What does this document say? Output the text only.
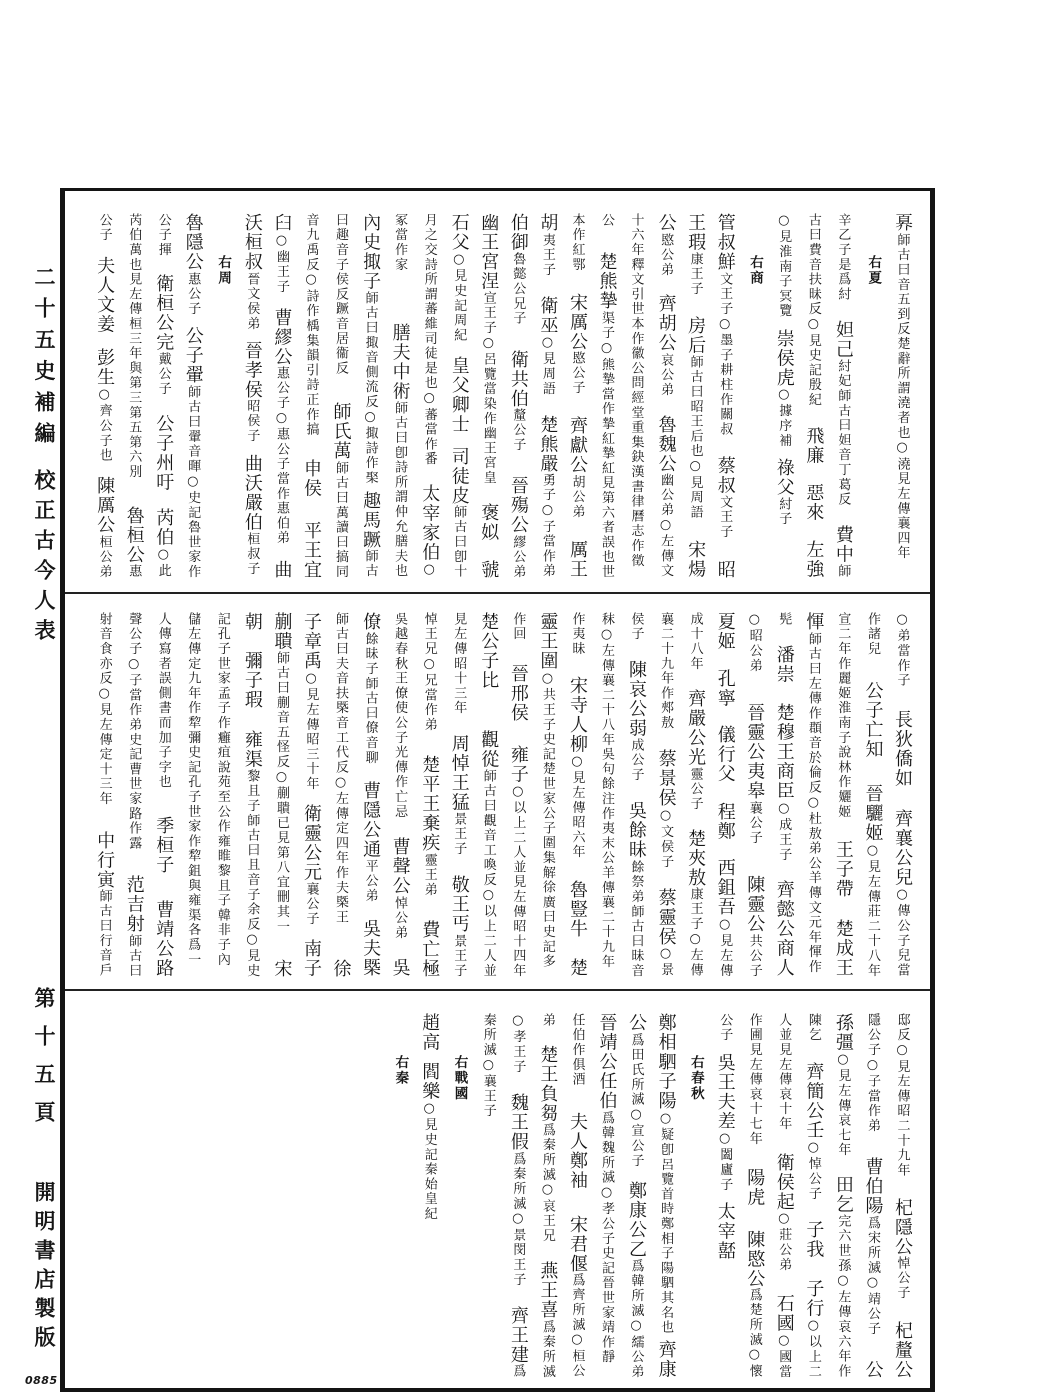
二十五史補編
校正古今人表
第十五頁
開明書店製版
0885
奡
師古曰音五到反楚辭所謂澆者也○澆見左傳襄四年
右夏
辛乙子是爲紂
妲己
紂妃師古曰妲音丁葛反
費中
師
古曰費音扶昧反○見史記殷紀
飛廉
惡來
左強
○見淮南子冥覽
崇侯虎
○據序補
祿父
紂子
右商
管叔鮮
文王子○墨子耕柱作關叔
蔡叔
文王子
昭
王瑕
康王子
房后
師古曰昭王后也○見周語
宋煬
公
愍公弟
齊胡公
哀公弟
魯魏公
幽公弟○左傳文
十六年釋文引世本作徽公問經堂重集鈌漢書律曆志作徵
公
楚熊摯
渠子○熊摯當作摯紅摯紅見第六者誤也世
本作紅鄂
宋厲公
愍公子
齊獻公
胡公弟
厲王
胡
夷王子
衛巫
○見周語
楚熊嚴
勇子○子當作弟
伯御
魯懿公兄子
衛共伯
釐公子
晉殤公
繆公弟
幽王宮涅
宣王子○呂覽當染作幽王宮皇
褒姒
虢
石父
○見史記周紀
皇父卿士
司徒皮
師古曰卽十
月之交詩所謂蕃維司徒是也○蕃當作番
太宰家伯
○
冢當作家
膳夫中術
師古曰卽詩所謂仲允膳夫也
內史掫子
師古曰掫音側流反○掫詩作棸
趣馬蹶
師古
曰趣音子侯反蹶音居衞反
師氏萬
師古曰萬讀曰搞同
音九禹反○詩作楀集韻引詩正作搞
申侯
平王宜
臼
○幽王子
曹繆公
惠公子○惠公子當作惠伯弟
曲
沃桓叔
晉文侯弟
晉孝侯
昭侯子
曲沃嚴伯
桓叔子
右周
魯隱公
惠公子
公子翬
師古曰翬音暉○史記魯世家作
公子揮
衛桓公完
戴公子
公子州吁
芮伯
○此
芮伯萬也見左傳桓三年與第三第五第六別
魯桓公
惠
公子
夫人文姜
彭生
○齊公子也
陳厲公
桓公弟
○弟當作子
長狄僑如
齊襄公兒
○傳公子兒當
作諸兒
公子亡知
晉驪姬
○見左傳莊二十八年
宣二年作麗姬淮南子說林作孋姬
王子帶
楚成王
惲
師古曰左傳作頵音於倫反○杜敖弟公羊傳文元年惲作
髡
潘崇
楚穆王商臣
○成王子
齊懿公商人
○昭公弟
晉靈公夷皋
襄公子
陳靈公
共公子
夏姬
孔寧
儀行父
程鄭
西鉏吾
○見左傳
成十八年
齊嚴公光
靈公子
楚夾敖
康王子○左傳
襄二十九年作郟敖
蔡景侯
○文侯子
蔡靈侯
○景
侯子
陳哀公弱
成公子
吳餘昧
餘祭弟師古曰昧音
秣○左傳襄二十八年吳句餘注作夷末公羊傳襄二十九年
作夷昧
宋寺人柳
○見左傳昭六年
魯豎牛
楚
靈王圍
○共王子史記楚世家公子圍集解徐廣曰史記多
作回
晉邢侯
雍子
○以上二人並見左傳昭十四年
楚公子比
觀從
師古曰觀音工喚反○以上二人並
見左傳昭十三年
周悼王猛
景王子
敬王丐
景王子
悼王兄○兄當作弟
楚平王棄疾
靈王弟
費亡極
吳越春秋王僚使公子光傳作亡忌
曹聲公
悼公弟
吳
僚
餘昧子師古曰僚音聊
曹隱公通
平公弟
吳夫槩
師古曰夫音扶槩音工代反○左傳定四年作夫槩王
徐
子章禹
○見左傳昭三十年
衛靈公元
襄公子
南子
蒯聵
師古曰蒯音五怪反○蒯聵已見第八宜刪其一
宋
朝
彌子瑕
雍渠
黎且子師古曰且音子余反○見史
記孔子世家孟子作癰疽說苑至公作雍睢黎且子韓非子內
儲左傳定九年作犂彌史記孔子世家作犂鉏與雍渠各爲一
人傳寫者誤側書而加子字也
季桓子
曹靖公路
聲公子○子當作弟史記曹世家路作露
范吉射
師古曰
射音食亦反○見左傳定十三年
中行寅
師古曰行音戶
邸反○見左傳昭二十九年
杞隱公
悼公子
杞釐公
隱公子○子當作弟
曹伯陽
爲宋所滅○靖公子
公
孫彊
○見左傳哀七年
田乞
完六世孫○左傳哀六年作
陳乞
齊簡公壬
○悼公子
子我
子行
○以上二
人並見左傳哀十年
衛侯起
○莊公弟
石國
○國當
作圃見左傳哀十七年
陽虎
陳愍公
爲楚所滅○懷
公子
吳王夫差
○闔廬子
太宰嚭
右春秋
鄭相駟子陽
○疑卽呂覽首時鄭相子陽駟其名也
齊康
公
爲田氏所滅○宣公子
鄭康公乙
爲韓所滅○繻公弟
晉靖公任伯
爲韓魏所滅○孝公子史記晉世家靖作靜
任伯作俱酒
夫人鄭袖
宋君偃
爲齊所滅○桓公
弟
楚王負芻
爲秦所滅○哀王兄
燕王喜
爲秦所滅
○孝王子
魏王假
爲秦所滅○景閔王子
齊王建
爲
秦所滅○襄王子
右戰國
趙高
閻樂
○見史記秦始皇紀
右秦
